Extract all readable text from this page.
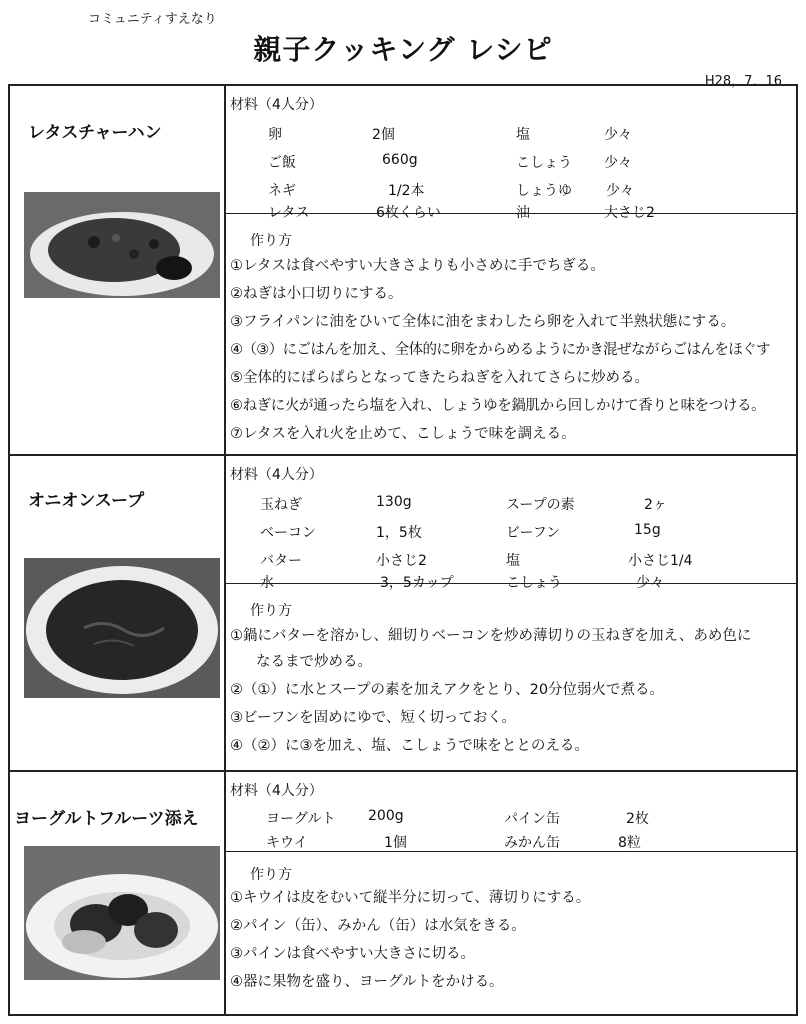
コミュニティすえなり
親子クッキング レシピ
H28，7．16
レタスチャーハン
材料（4人分）
卵	2個	塩	少々
ご飯	660g	こしょう 少々
ネギ	1/2本	しょうゆ 少々
レタス	6枚くらい	油	大さじ2
作り方
①レタスは食べやすい大きさよりも小さめに手でちぎる。
②ねぎは小口切りにする。
③フライパンに油をひいて全体に油をまわしたら卵を入れて半熟状態にする。
④（③）にごはんを加え、全体的に卵をからめるようにかき混ぜながらごはんをほぐす
⑤全体的にぱらぱらとなってきたらねぎを入れてさらに炒める。
⑥ねぎに火が通ったら塩を入れ、しょうゆを鍋肌から回しかけて香りと味をつける。
⑦レタスを入れ火を止めて、こしょうで味を調える。
オニオンスープ
材料（4人分）
玉ねぎ	130g	スープの素	2ヶ
ベーコン	1，5枚	ビーフン	15g
バター	小さじ2	塩	小さじ1/4
水	3，5カップ	こしょう	少々
作り方
①鍋にバターを溶かし、細切りベーコンを炒め薄切りの玉ねぎを加え、あめ色に
なるまで炒める。
②（①）に水とスープの素を加えアクをとり、20分位弱火で煮る。
③ビーフンを固めにゆで、短く切っておく。
④（②）に③を加え、塩、こしょうで味をととのえる。
ヨーグルトフルーツ添え
材料（4人分）
ヨーグルト 200g	パイン缶	2枚
キウイ	1個	みかん缶	8粒
作り方
①キウイは皮をむいて縦半分に切って、薄切りにする。
②パイン（缶）、みかん（缶）は水気をきる。
③パインは食べやすい大きさに切る。
④器に果物を盛り、ヨーグルトをかける。
